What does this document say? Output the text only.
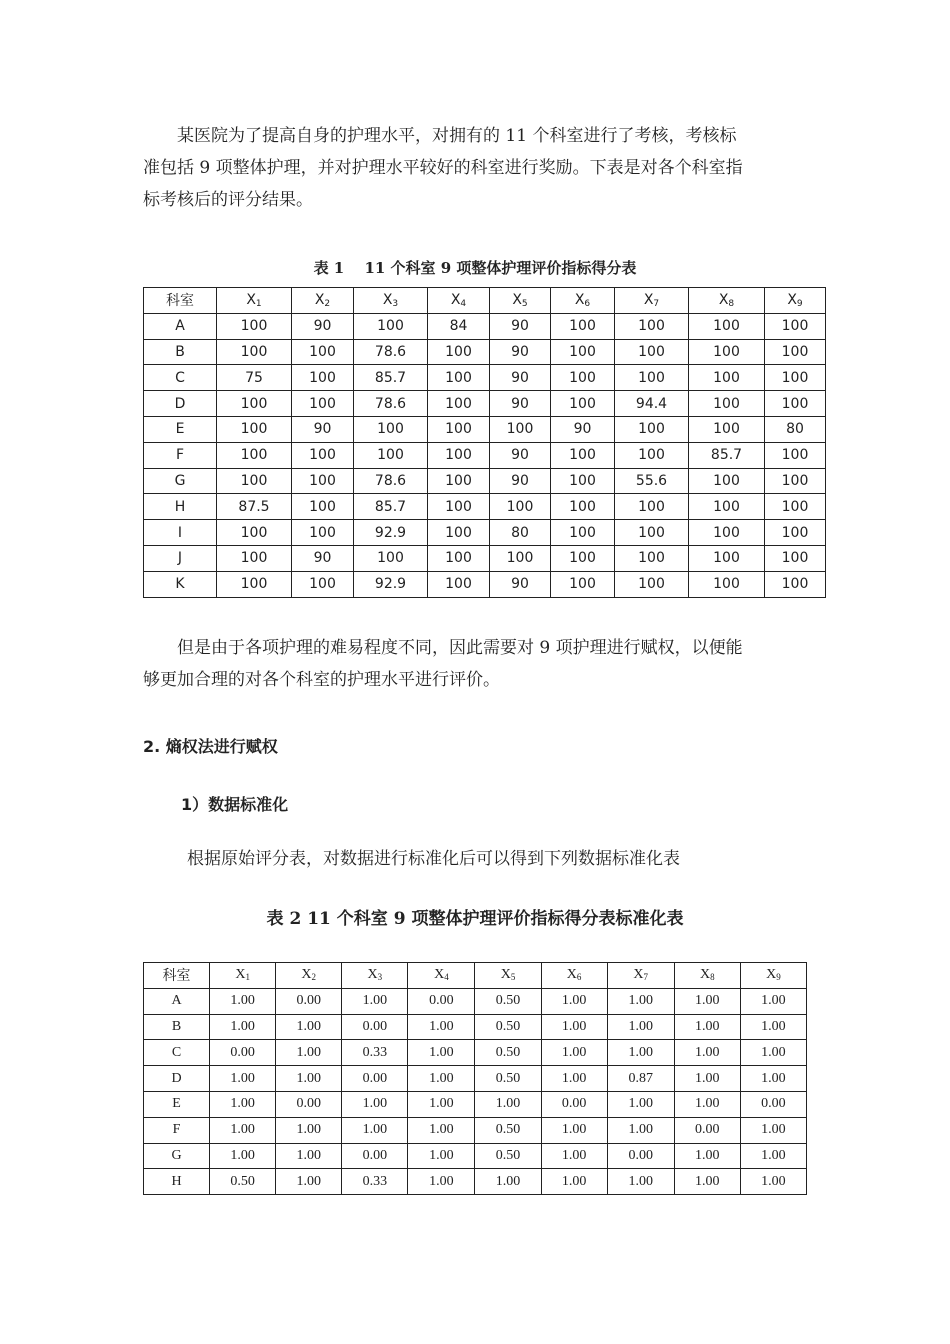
某医院为了提高自身的护理水平，对拥有的 11 个科室进行了考核，考核标
准包括 9 项整体护理，并对护理水平较好的科室进行奖励。下表是对各个科室指
标考核后的评分结果。
表 1　 11 个科室 9 项整体护理评价指标得分表
科室	$X_1$	$X_2$	$X_3$	$X_4$	$X_5$	$X_6$	$X_7$	$X_8$	$X_9$
A	100	90	100	84	90	100	100	100	100
B	100	100	78.6	100	90	100	100	100	100
C	75	100	85.7	100	90	100	100	100	100
D	100	100	78.6	100	90	100	94.4	100	100
E	100	90	100	100	100	90	100	100	80
F	100	100	100	100	90	100	100	85.7	100
G	100	100	78.6	100	90	100	55.6	100	100
H	87.5	100	85.7	100	100	100	100	100	100
I	100	100	92.9	100	80	100	100	100	100
J	100	90	100	100	100	100	100	100	100
K	100	100	92.9	100	90	100	100	100	100
但是由于各项护理的难易程度不同，因此需要对 9 项护理进行赋权，以便能
够更加合理的对各个科室的护理水平进行评价。
2. 熵权法进行赋权
1）数据标准化
根据原始评分表，对数据进行标准化后可以得到下列数据标准化表
表 2 11 个科室 9 项整体护理评价指标得分表标准化表
科室	$X_1$	$X_2$	$X_3$	$X_4$	$X_5$	$X_6$	$X_7$	$X_8$	$X_9$
A	1.00	0.00	1.00	0.00	0.50	1.00	1.00	1.00	1.00
B	1.00	1.00	0.00	1.00	0.50	1.00	1.00	1.00	1.00
C	0.00	1.00	0.33	1.00	0.50	1.00	1.00	1.00	1.00
D	1.00	1.00	0.00	1.00	0.50	1.00	0.87	1.00	1.00
E	1.00	0.00	1.00	1.00	1.00	0.00	1.00	1.00	0.00
F	1.00	1.00	1.00	1.00	0.50	1.00	1.00	0.00	1.00
G	1.00	1.00	0.00	1.00	0.50	1.00	0.00	1.00	1.00
H	0.50	1.00	0.33	1.00	1.00	1.00	1.00	1.00	1.00
